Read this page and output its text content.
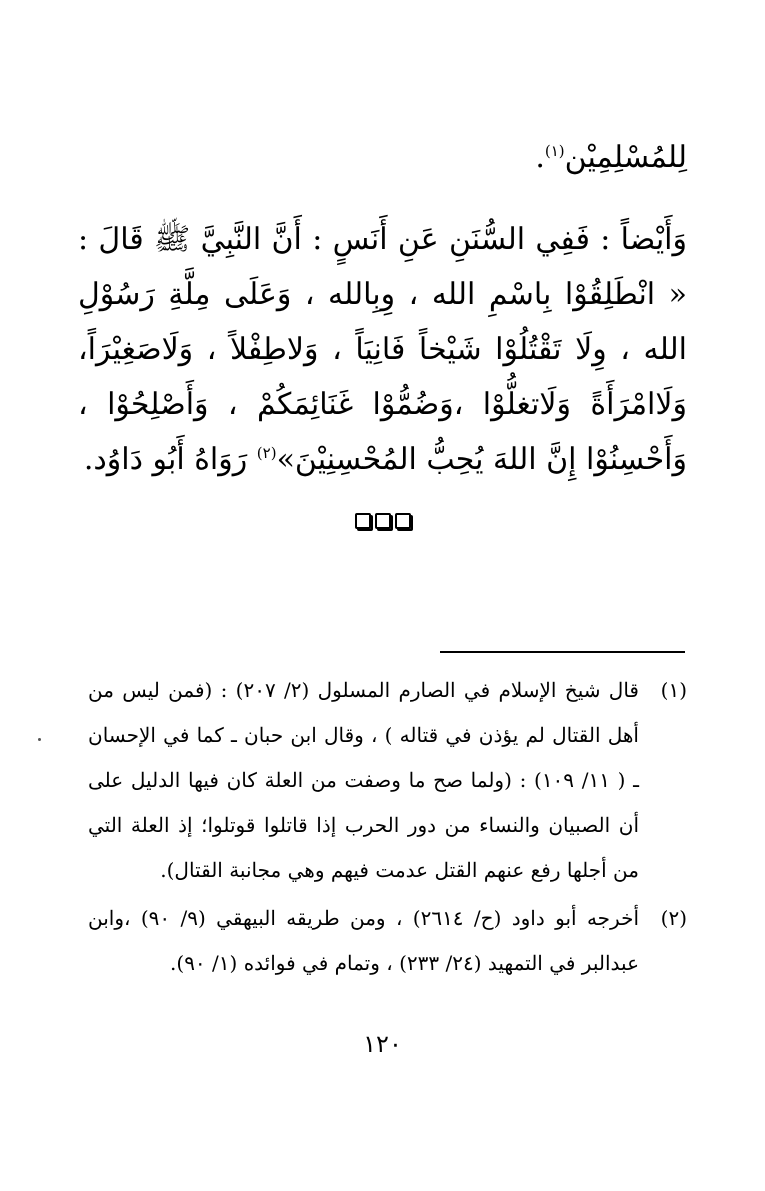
لِلمُسْلِمِيْن$^{(١)}$.
وَأَيْضاً : فَفِي السُّنَنِ عَنِ أَنَسٍ : أَنَّ النَّبِيَّ ﷺ قَالَ : « انْطَلِقُوْا بِاسْمِ الله ، وِبِالله ، وَعَلَى مِلَّةِ رَسُوْلِ الله ، وِلَا تَقْتُلُوْا شَيْخاً فَانِيَاً ، وَلاطِفْلاً ، وَلَاصَغِيْرَاً، وَلَاامْرَأَةً وَلَاتغلُّوْا ،وَضُمُّوْا غَنَائِمَكُمْ ، وَأَصْلِحُوْا ، وَأَحْسِنُوْا إِنَّ اللهَ يُحِبُّ المُحْسِنِيْنَ»$^{(٢)}$ رَوَاهُ أَبُو دَاوُد.
(١)
قال شيخ الإسلام في الصارم المسلول (٢/ ٢٠٧) : (فمن ليس من أهل القتال لم يؤذن في قتاله ) ، وقال ابن حبان ـ كما في الإحسان ـ ( ١١/ ١٠٩) : (ولما صح ما وصفت من العلة كان فيها الدليل على أن الصبيان والنساء من دور الحرب إذا قاتلوا قوتلوا؛ إذ العلة التي من أجلها رفع عنهم القتل عدمت فيهم وهي مجانبة القتال).
(٢)
أخرجه أبو داود (ح/ ٢٦١٤) ، ومن طريقه البيهقي (٩/ ٩٠) ،وابن عبدالبر في التمهيد (٢٤/ ٢٣٣) ، وتمام في فوائده (١/ ٩٠).
١٢٠
